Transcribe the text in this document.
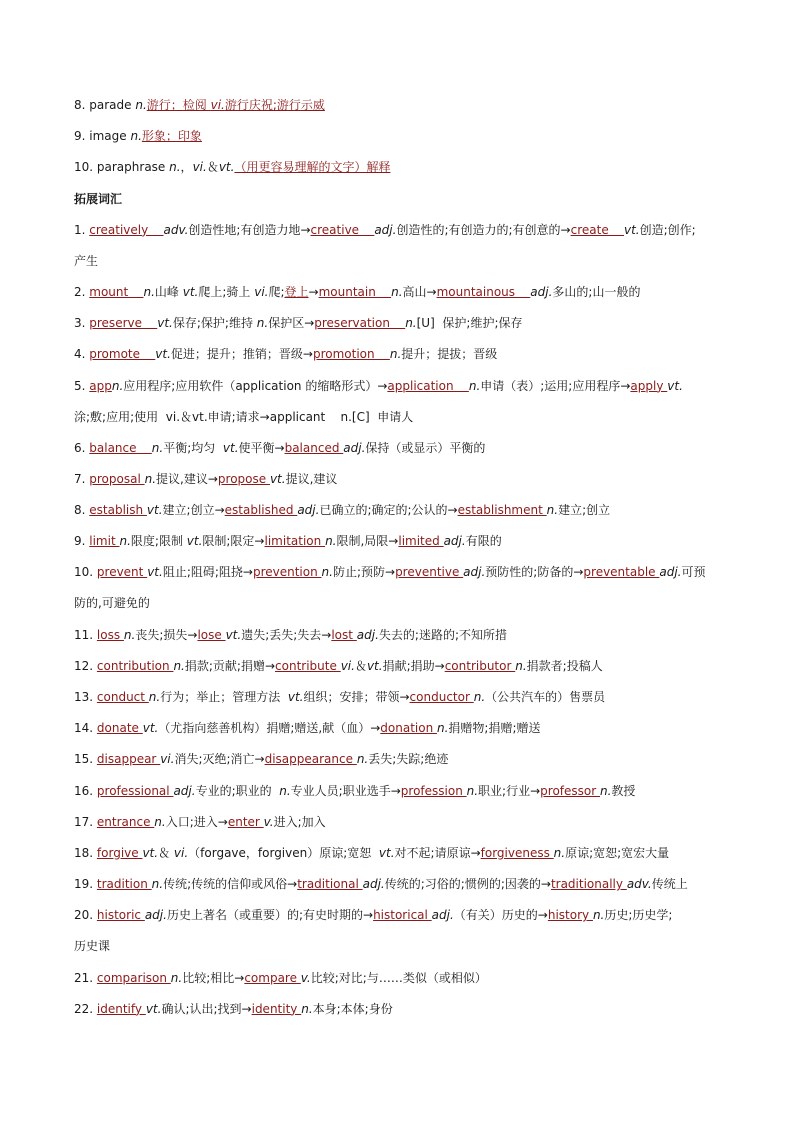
8. parade n.游行；检阅 vi.游行庆祝;游行示威
9. image n.形象；印象
10. paraphrase n.，vi.＆vt.（用更容易理解的文字）解释
拓展词汇
1. creatively    adv.创造性地;有创造力地→creative    adj.创造性的;有创造力的;有创意的→create    vt.创造;创作;
产生
2. mount    n.山峰 vt.爬上;骑上 vi.爬;登上→mountain    n.高山→mountainous    adj.多山的;山一般的
3. preserve    vt.保存;保护;维持 n.保护区→preservation    n.[U]  保护;维护;保存
4. promote    vt.促进；提升；推销；晋级→promotion    n.提升；提拔；晋级
5. appn.应用程序;应用软件（application 的缩略形式）→application    n.申请（表）;运用;应用程序→apply vt.
涂;敷;应用;使用  vi.＆vt.申请;请求→applicant    n.[C]  申请人
6. balance    n.平衡;均匀  vt.使平衡→balanced adj.保持（或显示）平衡的
7. proposal n.提议,建议→propose vt.提议,建议
8. establish vt.建立;创立→established adj.已确立的;确定的;公认的→establishment n.建立;创立
9. limit n.限度;限制 vt.限制;限定→limitation n.限制,局限→limited adj.有限的
10. prevent vt.阻止;阻碍;阻挠→prevention n.防止;预防→preventive adj.预防性的;防备的→preventable adj.可预
防的,可避免的
11. loss n.丧失;损失→lose vt.遗失;丢失;失去→lost adj.失去的;迷路的;不知所措
12. contribution n.捐款;贡献;捐赠→contribute vi.＆vt.捐献;捐助→contributor n.捐款者;投稿人
13. conduct n.行为；举止；管理方法  vt.组织；安排；带领→conductor n.（公共汽车的）售票员
14. donate vt.（尤指向慈善机构）捐赠;赠送,献（血）→donation n.捐赠物;捐赠;赠送
15. disappear vi.消失;灭绝;消亡→disappearance n.丢失;失踪;绝迹
16. professional adj.专业的;职业的  n.专业人员;职业选手→profession n.职业;行业→professor n.教授
17. entrance n.入口;进入→enter v.进入;加入
18. forgive vt.＆ vi.（forgave，forgiven）原谅;宽恕  vt.对不起;请原谅→forgiveness n.原谅;宽恕;宽宏大量
19. tradition n.传统;传统的信仰或风俗→traditional adj.传统的;习俗的;惯例的;因袭的→traditionally adv.传统上
20. historic adj.历史上著名（或重要）的;有史时期的→historical adj.（有关）历史的→history n.历史;历史学;
历史课
21. comparison n.比较;相比→compare v.比较;对比;与……类似（或相似）
22. identify vt.确认;认出;找到→identity n.本身;本体;身份
